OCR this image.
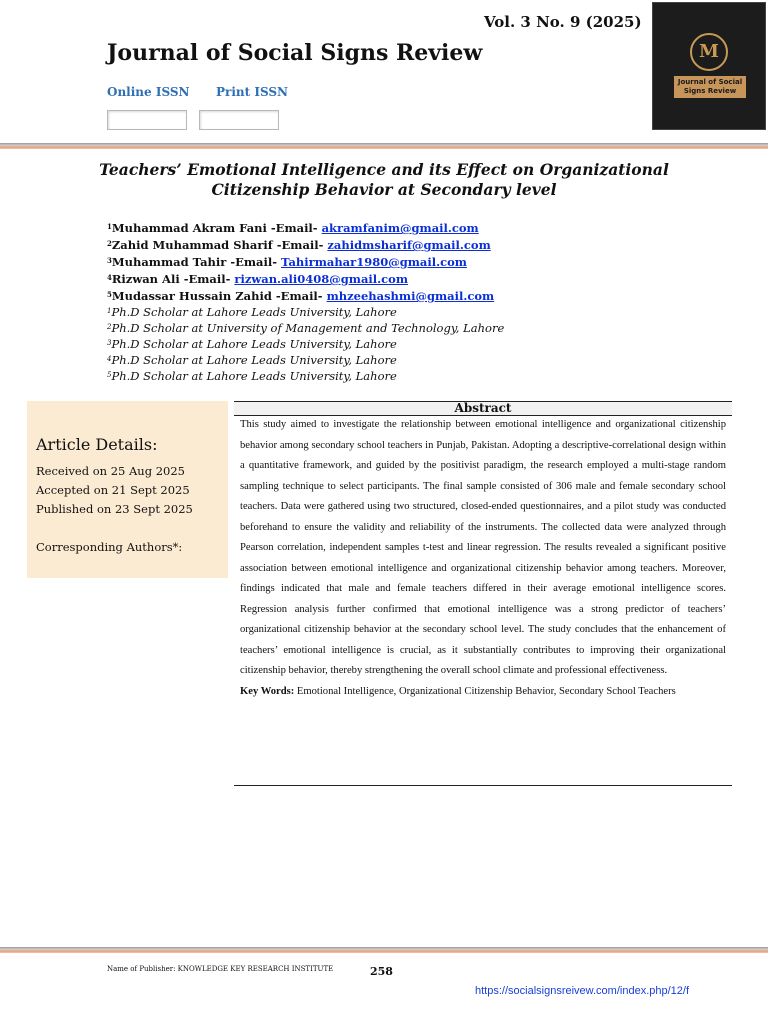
Vol. 3 No. 9 (2025)
Journal of Social Signs Review
Online ISSN Print ISSN
M
Journal of Social Signs Review
Teachers’ Emotional Intelligence and its Effect on Organizational
Citizenship Behavior at Secondary level
$^1$Muhammad Akram Fani -Email- akramfanim@gmail.com
$^2$Zahid Muhammad Sharif -Email- zahidmsharif@gmail.com
$^3$Muhammad Tahir -Email- Tahirmahar1980@gmail.com
$^4$Rizwan Ali -Email- rizwan.ali0408@gmail.com
$^5$Mudassar Hussain Zahid -Email- mhzeehashmi@gmail.com
$^1$Ph.D Scholar at Lahore Leads University, Lahore
$^2$Ph.D Scholar at University of Management and Technology, Lahore
$^3$Ph.D Scholar at Lahore Leads University, Lahore
$^4$Ph.D Scholar at Lahore Leads University, Lahore
$^5$Ph.D Scholar at Lahore Leads University, Lahore
Article Details:
Received on 25 Aug 2025
Accepted on 21 Sept 2025
Published on 23 Sept 2025
Corresponding Authors*:
Abstract
This study aimed to investigate the relationship between emotional intelligence and organizational citizenship behavior among secondary school teachers in Punjab, Pakistan. Adopting a descriptive-correlational design within a quantitative framework, and guided by the positivist paradigm, the research employed a multi-stage random sampling technique to select participants. The final sample consisted of 306 male and female secondary school teachers. Data were gathered using two structured, closed-ended questionnaires, and a pilot study was conducted beforehand to ensure the validity and reliability of the instruments. The collected data were analyzed through Pearson correlation, independent samples t-test and linear regression. The results revealed a significant positive association between emotional intelligence and organizational citizenship behavior among teachers. Moreover, findings indicated that male and female teachers differed in their average emotional intelligence scores. Regression analysis further confirmed that emotional intelligence was a strong predictor of teachers’ organizational citizenship behavior at the secondary school level. The study concludes that the enhancement of teachers’ emotional intelligence is crucial, as it substantially contributes to improving their organizational citizenship behavior, thereby strengthening the overall school climate and professional effectiveness.
Key Words: Emotional Intelligence, Organizational Citizenship Behavior, Secondary School Teachers
Name of Publisher: KNOWLEDGE KEY RESEARCH INSTITUTE	258
https://socialsignsreivew.com/index.php/12/f
